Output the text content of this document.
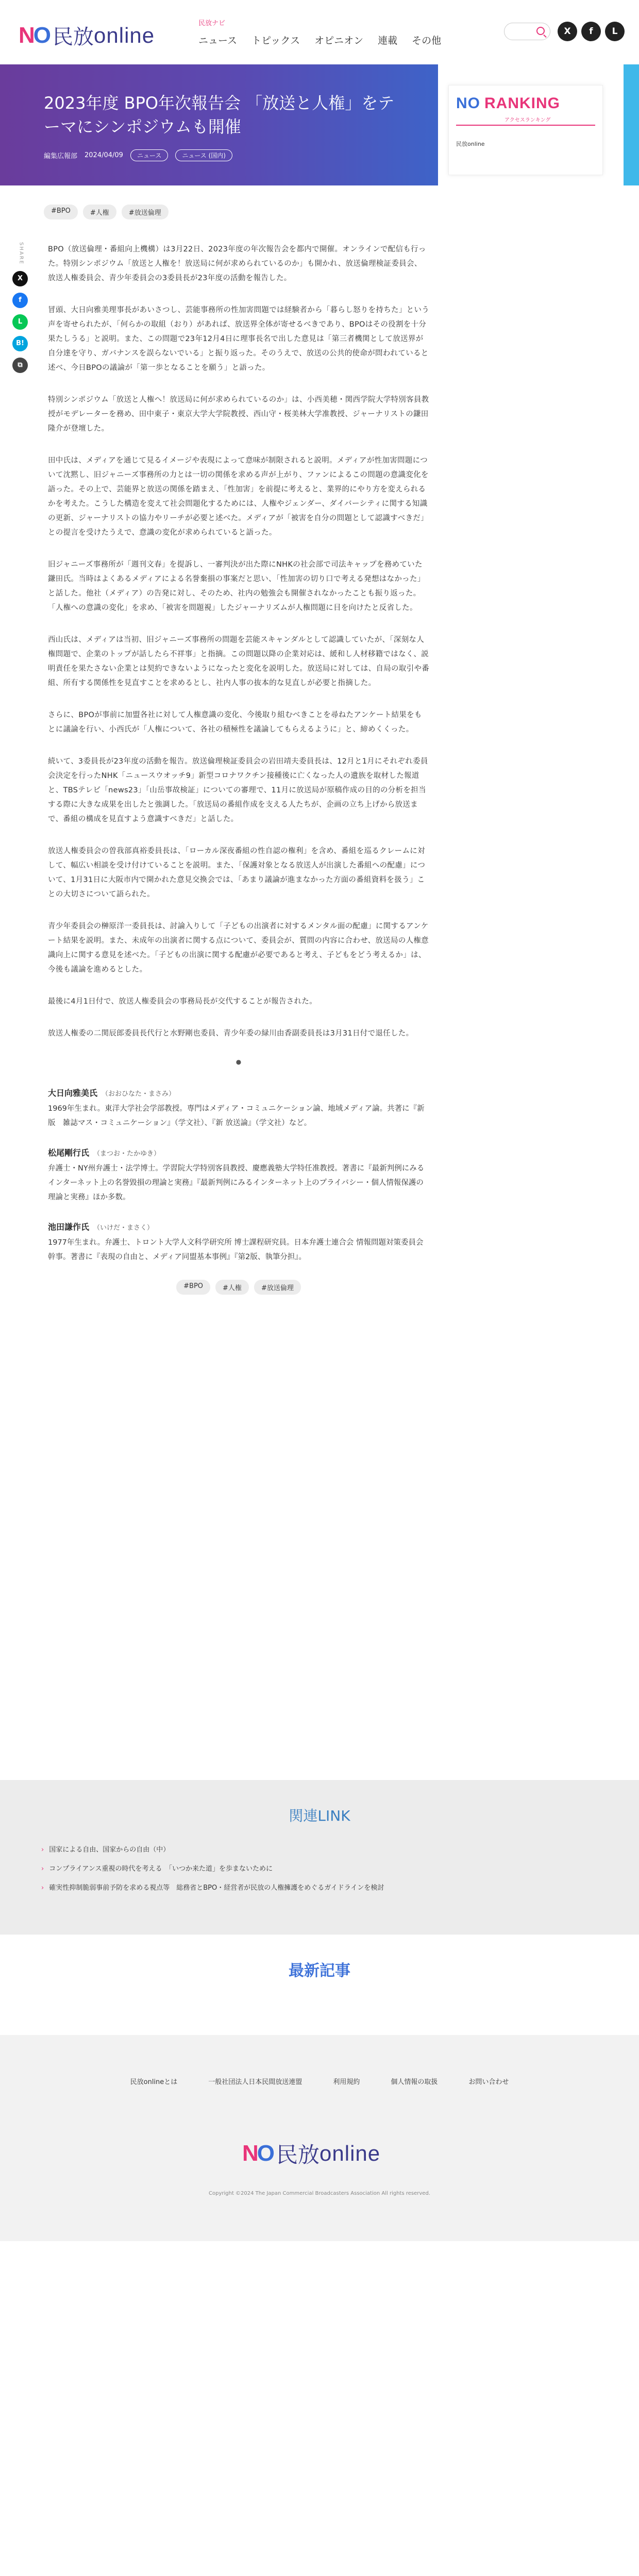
NO 民放 online	民放ナビ
ニュース トピックス オピニオン 連載 その他
X	f	L
2023年度 BPO年次報告会 「放送と人権」をテーマにシンポジウムも開催
編集広報部 2024/04/09	ニュース	ニュース (国内)
NO RANKING
アクセスランキング
民放online
#BPO	#人権	#放送倫理
SHARE
X
f
L
B!
⧉

BPO（放送倫理・番組向上機構）は3月22日、2023年度の年次報告会を都内で開催。オンラインで配信も行った。特別シンポジウム「放送と人権を！放送局に何が求められているのか」も開かれ、放送倫理検証委員会、放送人権委員会、青少年委員会の3委員長が23年度の活動を報告した。

冒頭、大日向雅美理事長があいさつし、芸能事務所の性加害問題では経験者から「暮らし怒りを持ちた」という声を寄せられたが、「何らかの取組（おり）があれば、放送界全体が寄せるべきであり、BPOはその役割を十分果たしうる」と説明。また、この問題で23年12月4日に理事長名で出した意見は「第三者機関として放送界が自分達を守り、ガバナンスを誤らないでいる」と振り返った。そのうえで、放送の公共的使命が問われていると述べ、今日BPOの議論が「第一歩となることを願う」と語った。

特別シンポジウム「放送と人権へ！放送局に何が求められているのか」は、小西美穂・関西学院大学特別客員教授がモデレーターを務め、田中東子・東京大学大学院教授、西山守・桜美林大学准教授、ジャーナリストの鎌田隆介が登壇した。

田中氏は、メディアを通じて見るイメージや表現によって意味が制限されると説明。メディアが性加害問題について沈黙し、旧ジャニーズ事務所の力とは一切の関係を求める声が上がり、ファンによるこの問題の意識変化を語った。その上で、芸能界と放送の関係を踏まえ、「性加害」を前提に考えると、業界的にやり方を変えられるかを考えた。こうした構造を変えて社会問題化するためには、人権やジェンダー、ダイバーシティに関する知識の更新、ジャーナリストの協力やリーチが必要と述べた。メディアが「被害を自分の問題として認識すべきだ」との提言を受けたうえで、意識の変化が求められていると語った。

旧ジャニーズ事務所が「週刊文春」を提訴し、一審判決が出た際にNHKの社会部で司法キャップを務めていた鎌田氏。当時はよくあるメディアによる名誉棄損の事案だと思い、「性加害の切り口で考える発想はなかった」と話した。他社（メディア）の告発に対し、そのため、社内の勉強会も開催されなかったことも振り返った。「人権への意識の変化」を求め、「被害を問題視」したジャーナリズムが人権問題に目を向けたと反省した。

西山氏は、メディアは当初、旧ジャニーズ事務所の問題を芸能スキャンダルとして認識していたが、「深刻な人権問題で、企業のトップが話したら不祥事」と指摘。この問題以降の企業対応は、緩和し人材移籍ではなく、説明責任を果たさない企業とは契約できないようになったと変化を説明した。放送局に対しては、自局の取引や番組、所有する関係性を見直すことを求めるとし、社内人事の抜本的な見直しが必要と指摘した。

さらに、BPOが事前に加盟各社に対して人権意識の変化、今後取り組むべきことを尋ねたアンケート結果をもとに議論を行い、小西氏が「人権について、各社の積極性を議論してもらえるように」と、締めくくった。

続いて、3委員長が23年度の活動を報告。放送倫理検証委員会の岩田靖夫委員長は、12月と1月にそれぞれ委員会決定を行ったNHK「ニュースウオッチ9」新型コロナワクチン接種後に亡くなった人の遺族を取材した報道と、TBSテレビ「news23」「山岳事故検証」についての審理で、11月に放送局が原稿作成の目的の分析を担当する際に大きな成果を出したと強調した。「放送局の番組作成を支える人たちが、企画の立ち上げから放送まで、番組の構成を見直すよう意識すべきだ」と話した。

放送人権委員会の曽我部真裕委員長は、「ローカル深夜番組の性自認の権利」を含め、番組を巡るクレームに対して、幅広い相談を受け付けていることを説明。また、「保護対象となる放送人が出演した番組への配慮」について、1月31日に大阪市内で開かれた意見交換会では、「あまり議論が進まなかった方面の番組資料を扱う」ことの大切さについて語られた。

青少年委員会の榊原洋一委員長は、討論入りして「子どもの出演者に対するメンタル面の配慮」に関するアンケート結果を説明。また、未成年の出演者に関する点について、委員会が、質問の内容に合わせ、放送局の人権意識向上に関する意見を述べた。「子どもの出演に関する配慮が必要であると考え、子どもをどう考えるか」は、今後も議論を進めるとした。

最後に4月1日付で、放送人権委員会の事務局長が交代することが報告された。

放送人権委の二関辰郎委員長代行と水野剛也委員、青少年委の緑川由香副委員長は3月31日付で退任した。

●
大日向雅美氏 （おおひなた・まさみ）
1969年生まれ。東洋大学社会学部教授。専門はメディア・コミュニケーション論、地域メディア論。共著に『新版　雑誌マス・コミュニケーション』（学文社）、『新 放送論』（学文社）など。
松尾剛行氏 （まつお・たかゆき）
弁護士・NY州弁護士・法学博士。学習院大学特別客員教授、慶應義塾大学特任准教授。著書に『最新判例にみるインターネット上の名誉毀損の理論と実務』『最新判例にみるインターネット上のプライバシー・個人情報保護の理論と実務』ほか多数。
池田謙作氏 （いけだ・まさく）
1977年生まれ。弁護士、トロント大学人文科学研究所 博士課程研究員。日本弁護士連合会 情報問題対策委員会 幹事。著書に『表現の自由と、メディア同盟基本事例』『第2版、執筆分担』。
#BPO	#人権	#放送倫理
関連LINK
› 国家による自由、国家からの自由（中）
› コンプライアンス重視の時代を考える　「いつか来た道」を歩まないために
› 確実性抑制脆弱事前予防を求める視点等　総務省とBPO・経営者が民放の人権擁護をめぐるガイドラインを検討
最新記事
民放onlineとは	一般社団法人日本民間放送連盟	利用規約	個人情報の取扱	お問い合わせ
NO 民放 online
Copyright ©2024 The Japan Commercial Broadcasters Association All rights reserved.
